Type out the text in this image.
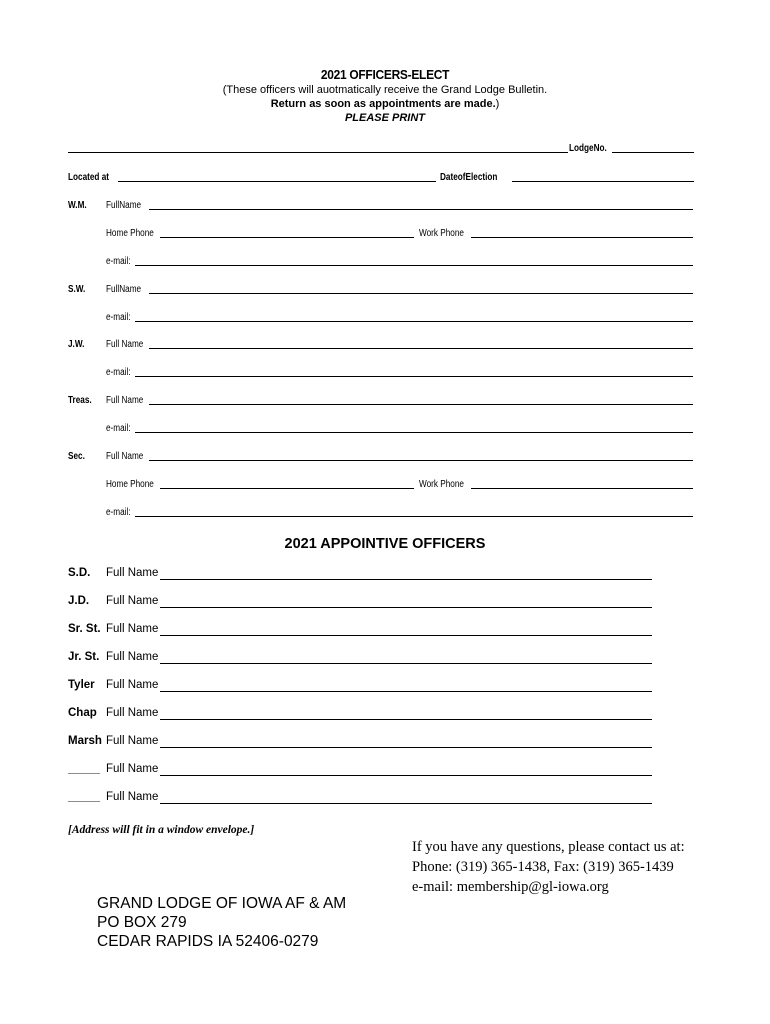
2021 OFFICERS-ELECT
(These officers will auotmatically receive the Grand Lodge Bulletin.
Return as soon as appointments are made.)
PLEASE PRINT
LodgeNo.
Located at	DateofElection
W.M.	FullName
Home Phone	Work Phone
e-mail:
S.W.	FullName
e-mail:
J.W.	Full Name
e-mail:
Treas.	Full Name
e-mail:
Sec.	Full Name
Home Phone	Work Phone
e-mail:
2021 APPOINTIVE OFFICERS
S.D. Full Name
J.D. Full Name
Sr. St. Full Name
Jr. St. Full Name
Tyler Full Name
Chap Full Name
Marsh Full Name
_____ Full Name
_____ Full Name
[Address will fit in a window envelope.]
If you have any questions, please contact us at:
Phone: (319) 365-1438, Fax: (319) 365-1439
e-mail: membership@gl-iowa.org
GRAND LODGE OF IOWA AF & AM
PO BOX 279
CEDAR RAPIDS IA 52406-0279
